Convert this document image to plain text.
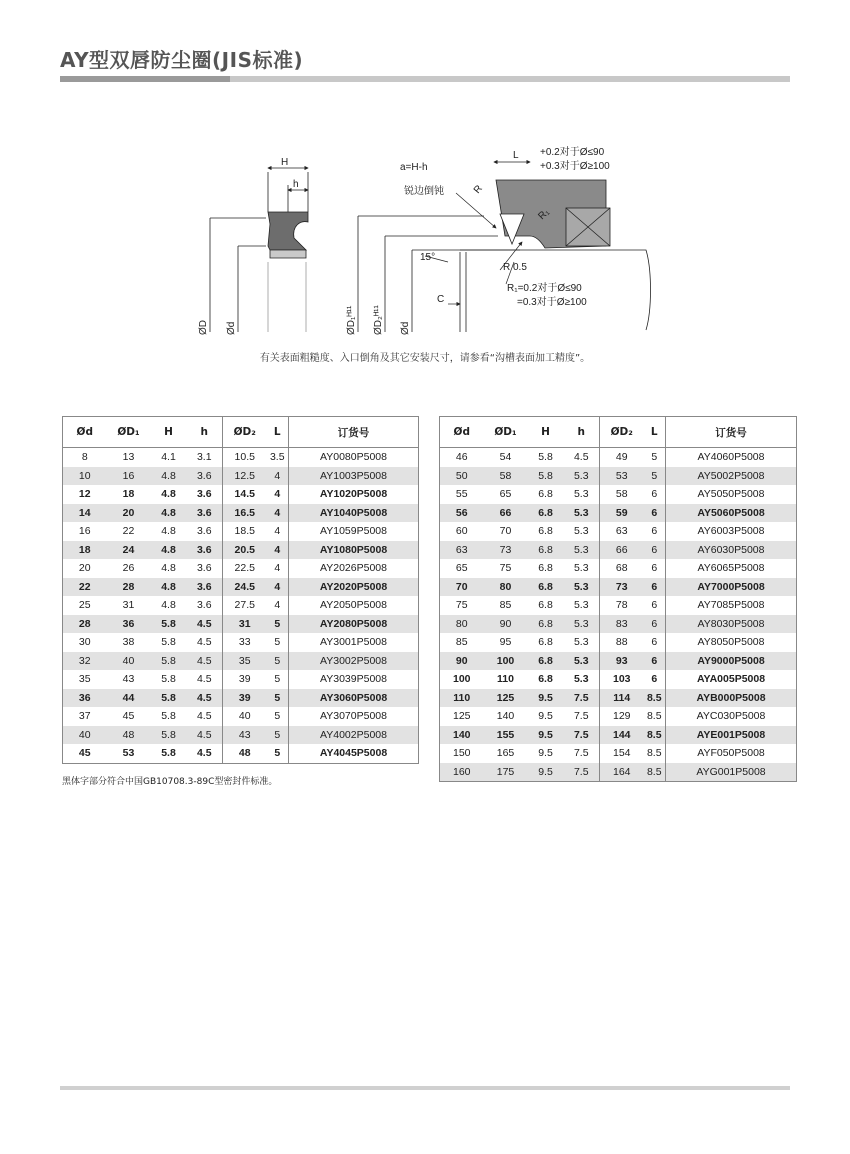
AY型双唇防尘圈(JIS标准)
H
h
a=H-h
L +0.2对于Ø≤90
+0.3对于Ø≥100
锐边倒钝	R
R₁
15°
R 0.5
R₁=0.2对于Ø≤90
=0.3对于Ø≥100
C
ØD Ød	ØD₁ᴴ¹¹ ØD₂ᴴ¹¹ Ød
有关表面粗糙度、入口倒角及其它安装尺寸，请参看“沟槽表面加工精度”。
Ød	ØD₁	H	h	ØD₂	L	订货号
8	13	4.1	3.1	10.5	3.5	AY0080P5008
10	16	4.8	3.6	12.5	4	AY1003P5008
12	18	4.8	3.6	14.5	4	AY1020P5008
14	20	4.8	3.6	16.5	4	AY1040P5008
16	22	4.8	3.6	18.5	4	AY1059P5008
18	24	4.8	3.6	20.5	4	AY1080P5008
20	26	4.8	3.6	22.5	4	AY2026P5008
22	28	4.8	3.6	24.5	4	AY2020P5008
25	31	4.8	3.6	27.5	4	AY2050P5008
28	36	5.8	4.5	31	5	AY2080P5008
30	38	5.8	4.5	33	5	AY3001P5008
32	40	5.8	4.5	35	5	AY3002P5008
35	43	5.8	4.5	39	5	AY3039P5008
36	44	5.8	4.5	39	5	AY3060P5008
37	45	5.8	4.5	40	5	AY3070P5008
40	48	5.8	4.5	43	5	AY4002P5008
45	53	5.8	4.5	48	5	AY4045P5008
Ød	ØD₁	H	h	ØD₂	L	订货号
46	54	5.8	4.5	49	5	AY4060P5008
50	58	5.8	5.3	53	5	AY5002P5008
55	65	6.8	5.3	58	6	AY5050P5008
56	66	6.8	5.3	59	6	AY5060P5008
60	70	6.8	5.3	63	6	AY6003P5008
63	73	6.8	5.3	66	6	AY6030P5008
65	75	6.8	5.3	68	6	AY6065P5008
70	80	6.8	5.3	73	6	AY7000P5008
75	85	6.8	5.3	78	6	AY7085P5008
80	90	6.8	5.3	83	6	AY8030P5008
85	95	6.8	5.3	88	6	AY8050P5008
90	100	6.8	5.3	93	6	AY9000P5008
100	110	6.8	5.3	103	6	AYA005P5008
110	125	9.5	7.5	114	8.5	AYB000P5008
125	140	9.5	7.5	129	8.5	AYC030P5008
140	155	9.5	7.5	144	8.5	AYE001P5008
150	165	9.5	7.5	154	8.5	AYF050P5008
160	175	9.5	7.5	164	8.5	AYG001P5008
黑体字部分符合中国GB10708.3-89C型密封件标准。
